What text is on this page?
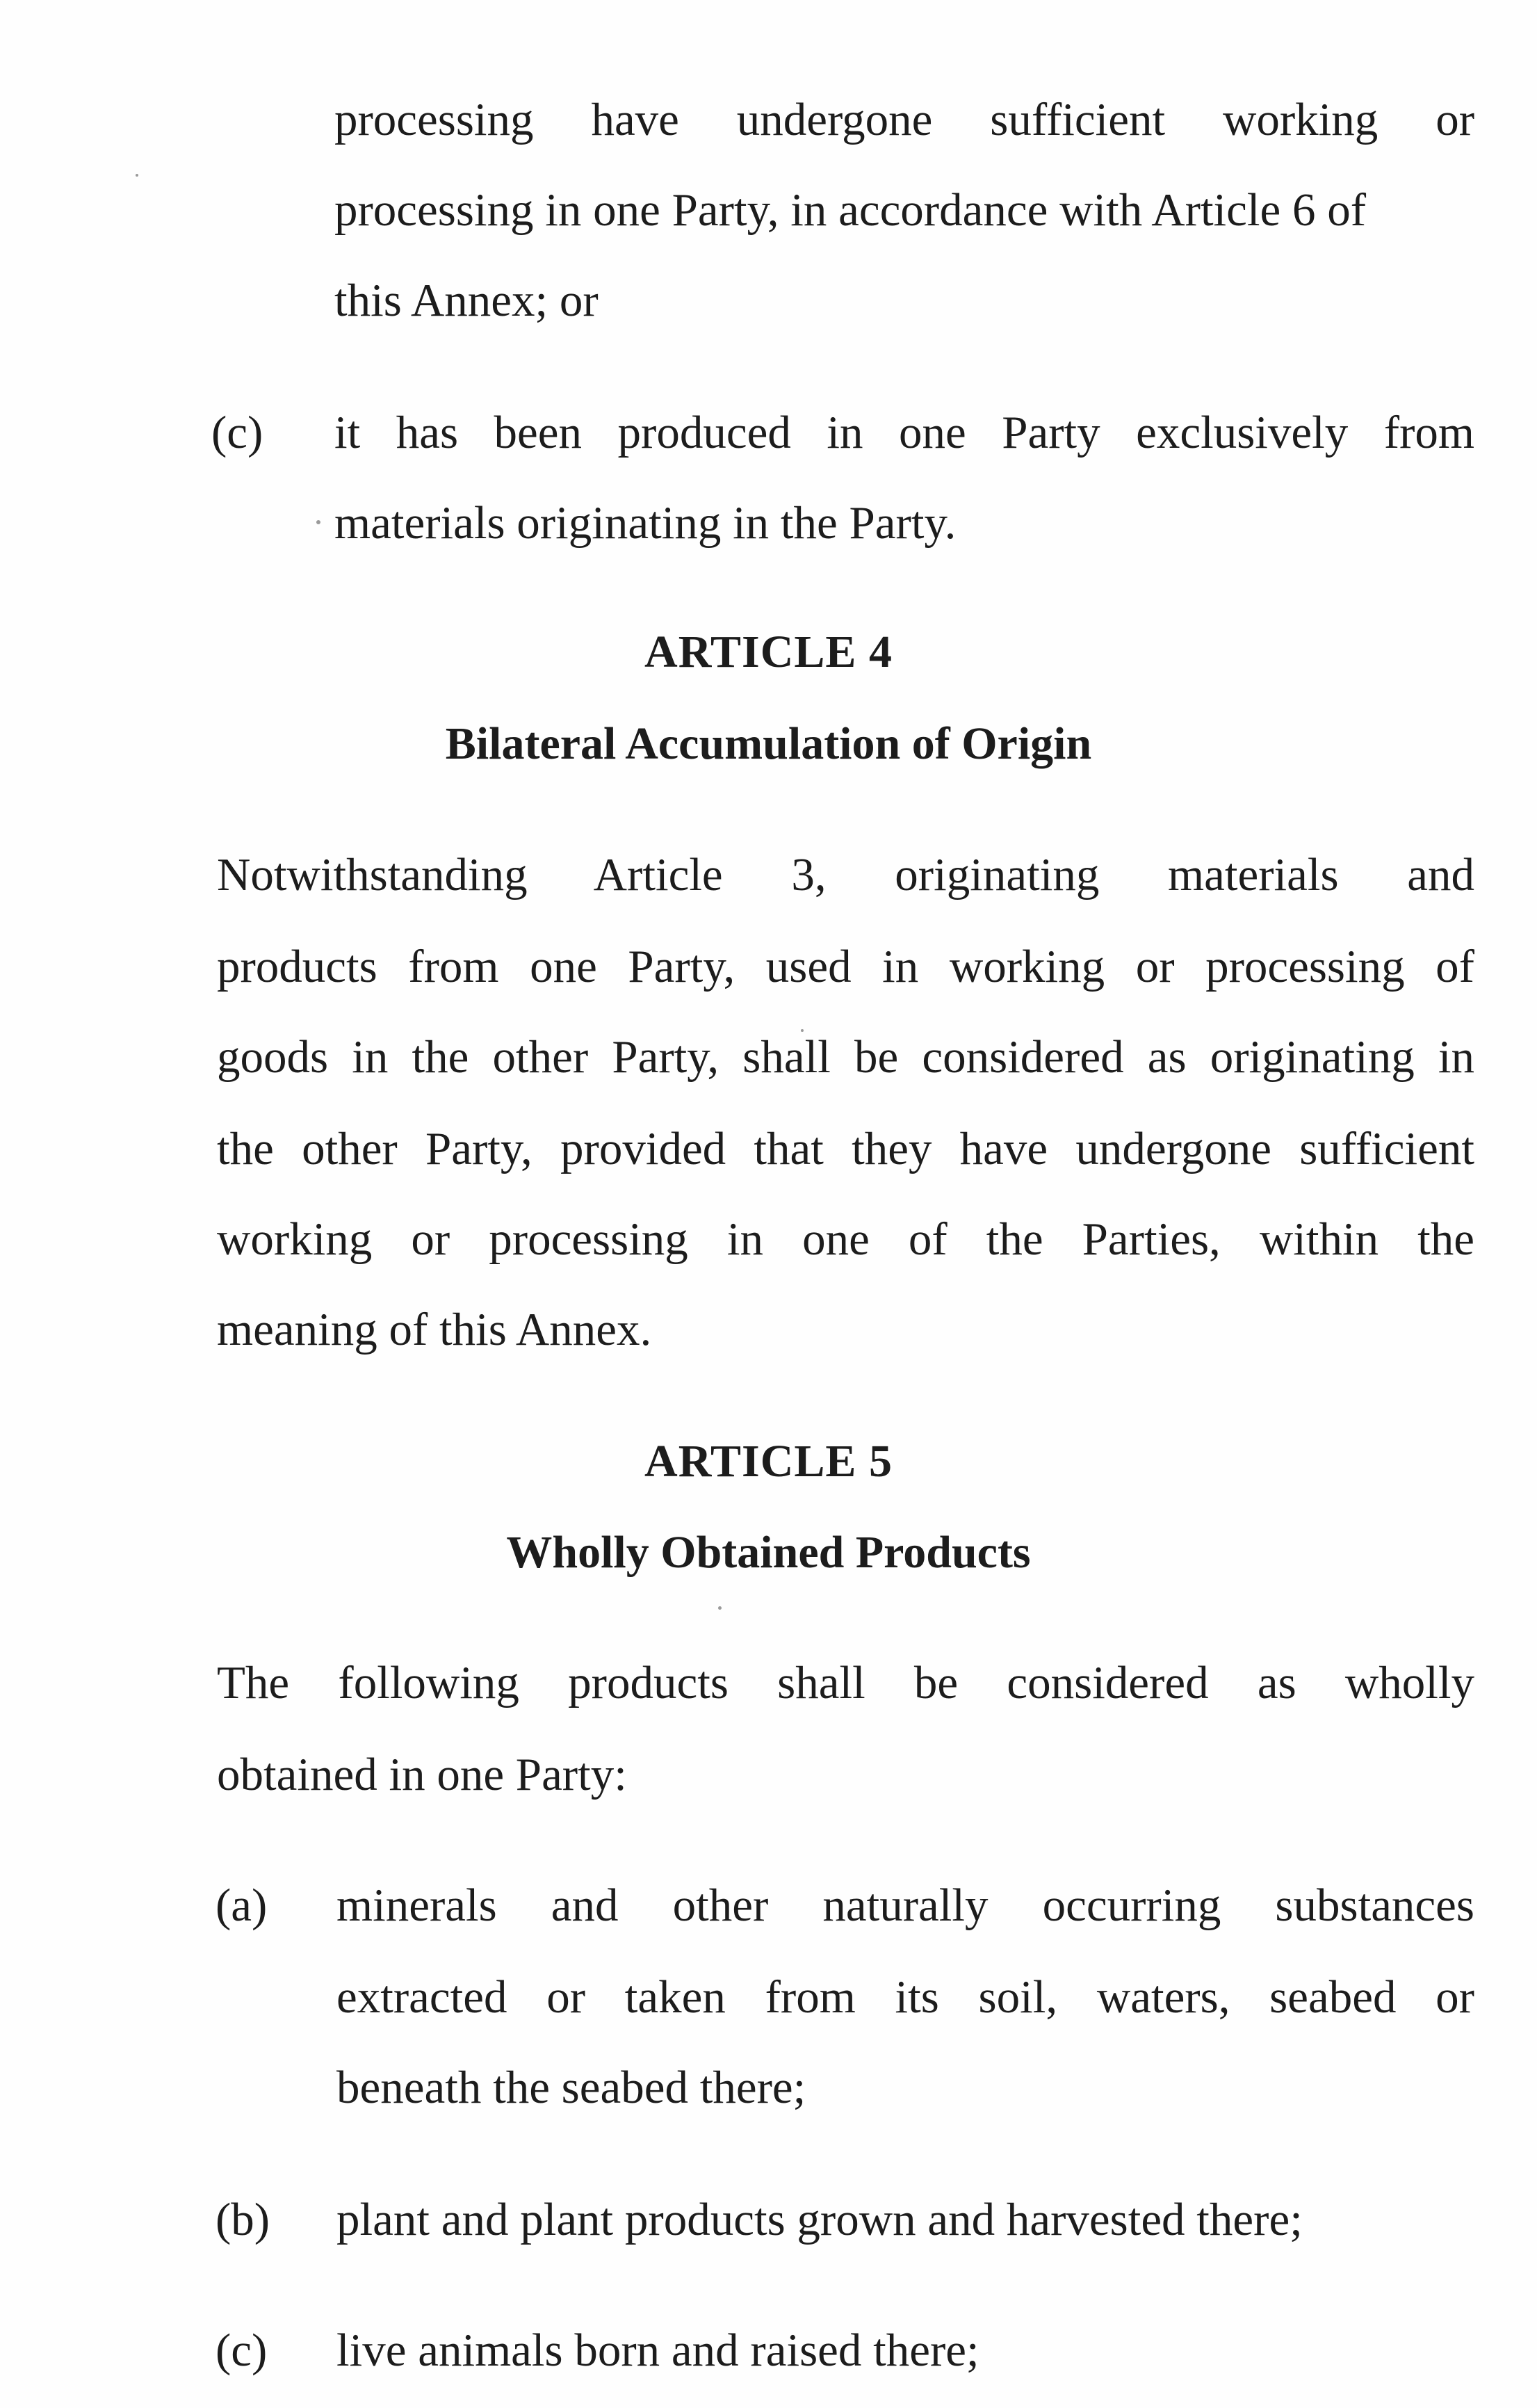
processing have undergone sufficient working or
processing in one Party, in accordance with Article 6 of
this Annex; or
(c) it has been produced in one Party exclusively from
materials originating in the Party.
ARTICLE 4
Bilateral Accumulation of Origin
Notwithstanding Article 3, originating materials and
products from one Party, used in working or processing of
goods in the other Party, shall be considered as originating in
the other Party, provided that they have undergone sufficient
working or processing in one of the Parties, within the
meaning of this Annex.
ARTICLE 5
Wholly Obtained Products
The following products shall be considered as wholly
obtained in one Party:
(a) minerals and other naturally occurring substances
extracted or taken from its soil, waters, seabed or
beneath the seabed there;
(b) plant and plant products grown and harvested there;
(c) live animals born and raised there;
